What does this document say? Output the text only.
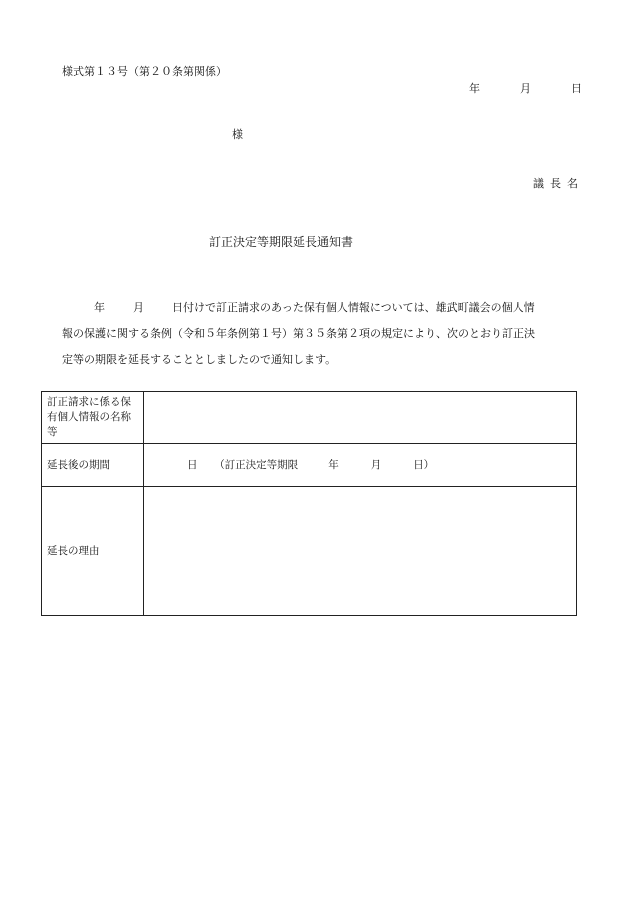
様式第１３号（第２０条第関係）
年	月	日
様
議長名
訂正決定等期限延長通知書
年	月	日付けで訂正請求のあった保有個人情報については、雄武町議会の個人情
報の保護に関する条例（令和５年条例第１号）第３５条第２項の規定により、次のとおり訂正決
定等の期限を延長することとしましたので通知します。
訂正請求に係る保有個人情報の名称等	
延長後の期間	日 （訂正決定等期限 年 月 日）
延長の理由	
